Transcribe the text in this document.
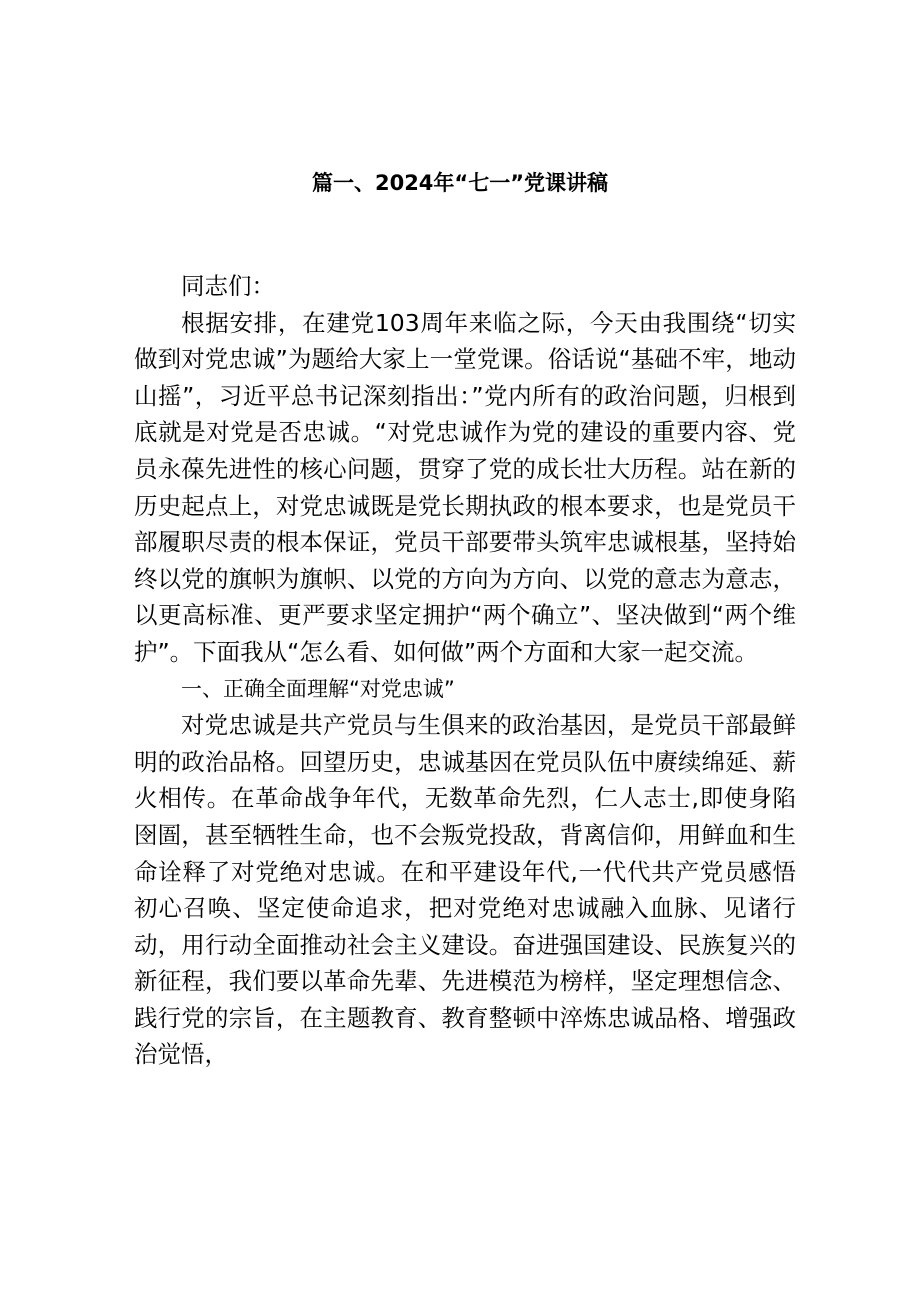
篇一、2024年“七一”党课讲稿

同志们：

根据安排，在建党103周年来临之际，今天由我围绕“切实做到对党忠诚”为题给大家上一堂党课。俗话说“基础不牢，地动山摇”，习近平总书记深刻指出：”党内所有的政治问题，归根到底就是对党是否忠诚。“对党忠诚作为党的建设的重要内容、党员永葆先进性的核心问题，贯穿了党的成长壮大历程。站在新的历史起点上，对党忠诚既是党长期执政的根本要求，也是党员干部履职尽责的根本保证，党员干部要带头筑牢忠诚根基，坚持始终以党的旗帜为旗帜、以党的方向为方向、以党的意志为意志，以更高标准、更严要求坚定拥护“两个确立”、坚决做到“两个维护”。下面我从“怎么看、如何做”两个方面和大家一起交流。

一、正确全面理解“对党忠诚”

对党忠诚是共产党员与生俱来的政治基因，是党员干部最鲜明的政治品格。回望历史，忠诚基因在党员队伍中赓续绵延、薪火相传。在革命战争年代，无数革命先烈，仁人志士,即使身陷囹圄，甚至牺牲生命，也不会叛党投敌，背离信仰，用鲜血和生命诠释了对党绝对忠诚。在和平建设年代,一代代共产党员感悟初心召唤、坚定使命追求，把对党绝对忠诚融入血脉、见诸行动，用行动全面推动社会主义建设。奋进强国建设、民族复兴的新征程，我们要以革命先辈、先进模范为榜样，坚定理想信念、践行党的宗旨，在主题教育、教育整顿中淬炼忠诚品格、增强政治觉悟，
